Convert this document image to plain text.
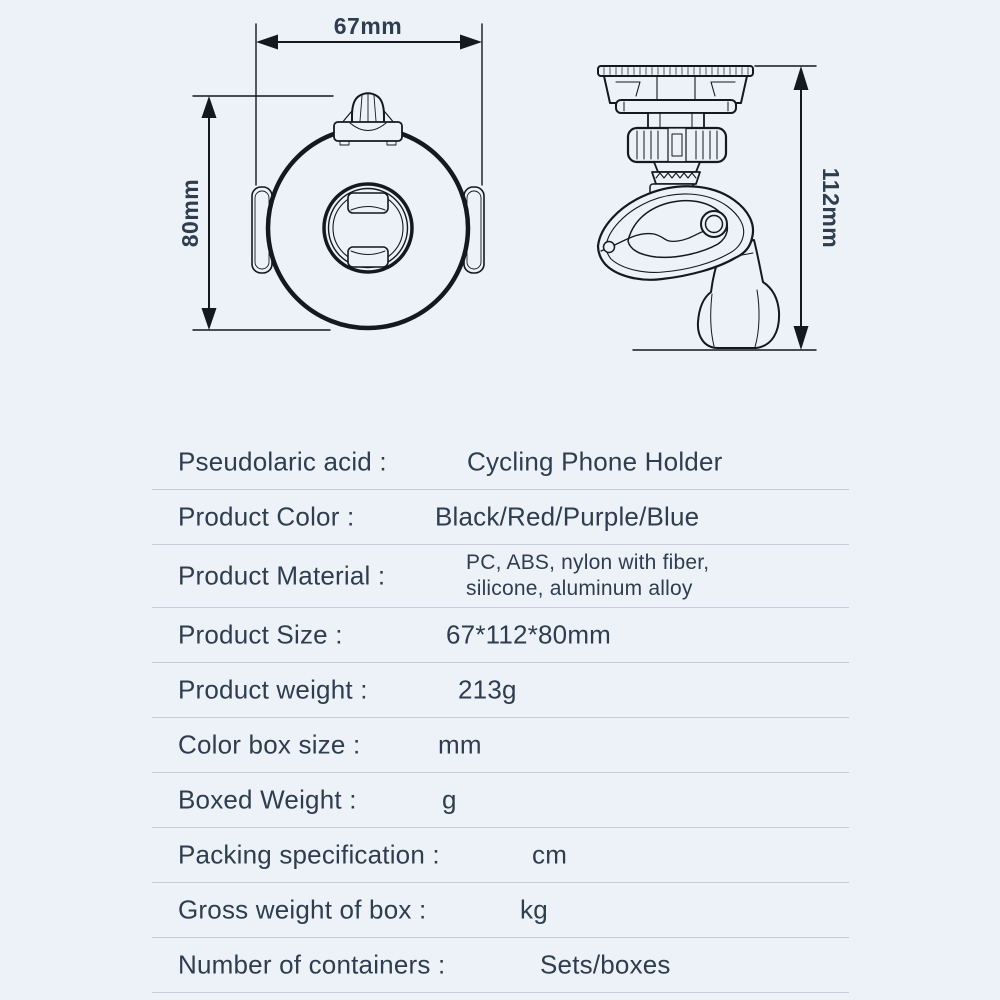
67mm
80mm	112mm
Pseudolaric acid :	Cycling Phone Holder
Product Color :	Black/Red/Purple/Blue
Product Material :	PC, ABS, nylon with fiber,
silicone, aluminum alloy
Product Size :	67*112*80mm
Product weight :	213g
Color box size :	mm
Boxed Weight :	g
Packing specification :	cm
Gross weight of box :	kg
Number of containers :	Sets/boxes
